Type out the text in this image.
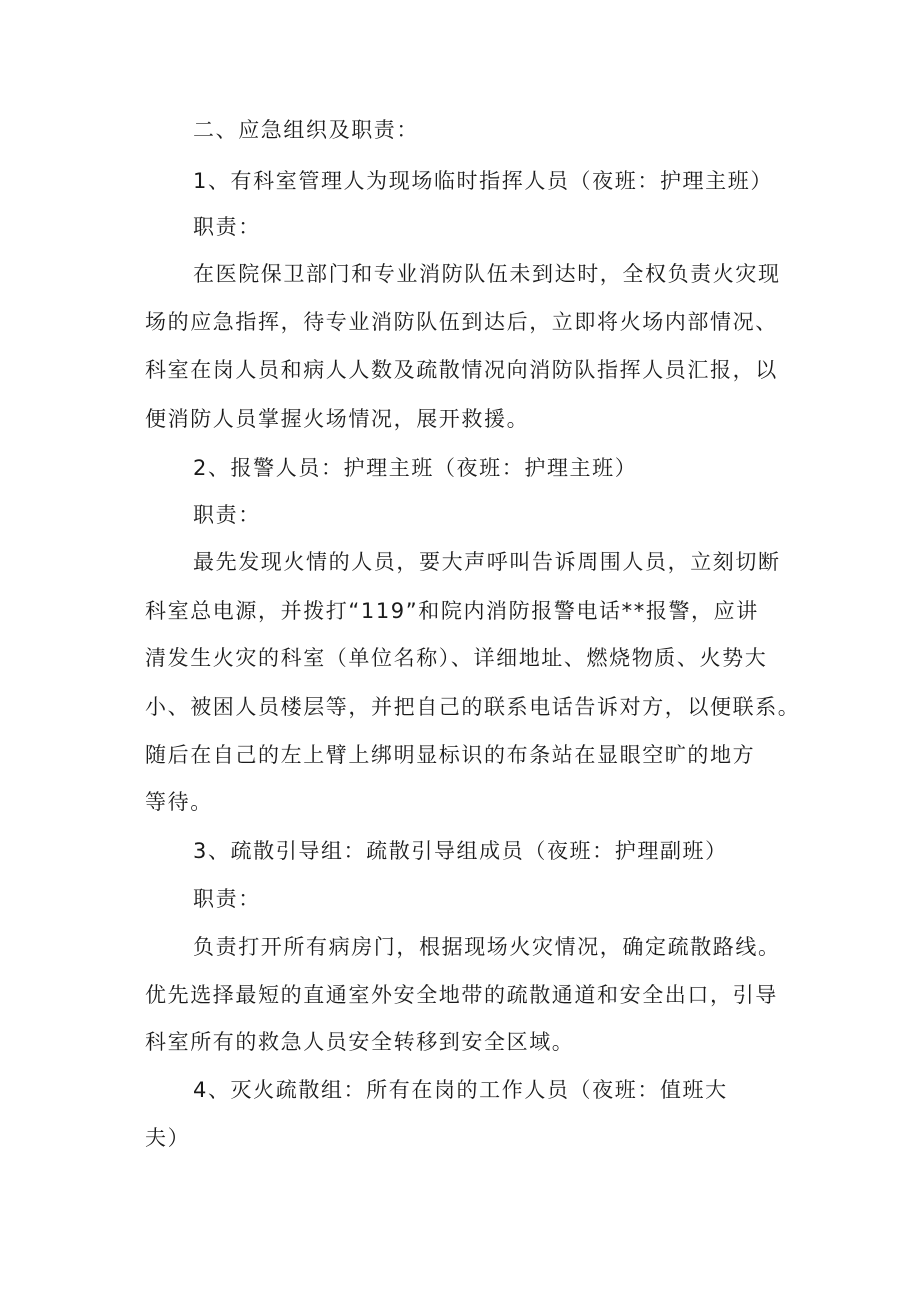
二、应急组织及职责：
1、有科室管理人为现场临时指挥人员（夜班：护理主班）
职责：
在医院保卫部门和专业消防队伍未到达时，全权负责火灾现
场的应急指挥，待专业消防队伍到达后，立即将火场内部情况、
科室在岗人员和病人人数及疏散情况向消防队指挥人员汇报，以
便消防人员掌握火场情况，展开救援。
2、报警人员：护理主班（夜班：护理主班）
职责：
最先发现火情的人员，要大声呼叫告诉周围人员，立刻切断
科室总电源，并拨打“119”和院内消防报警电话**报警，应讲
清发生火灾的科室（单位名称）、详细地址、燃烧物质、火势大
小、被困人员楼层等，并把自己的联系电话告诉对方，以便联系。
随后在自己的左上臂上绑明显标识的布条站在显眼空旷的地方
等待。
3、疏散引导组：疏散引导组成员（夜班：护理副班）
职责：
负责打开所有病房门，根据现场火灾情况，确定疏散路线。
优先选择最短的直通室外安全地带的疏散通道和安全出口，引导
科室所有的救急人员安全转移到安全区域。
4、灭火疏散组：所有在岗的工作人员（夜班：值班大
夫）
